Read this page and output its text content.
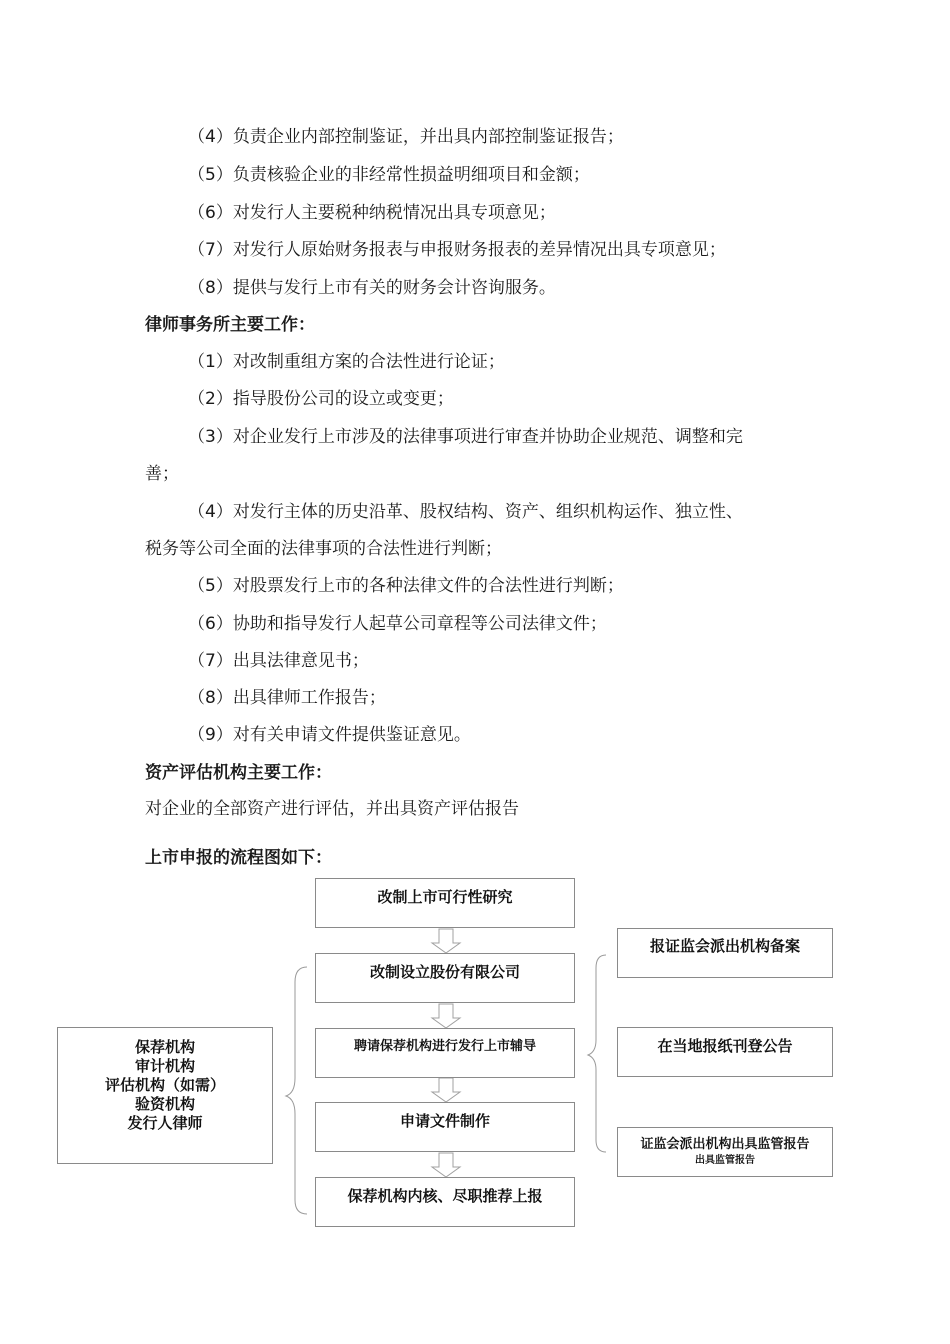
（4）负责企业内部控制鉴证，并出具内部控制鉴证报告；
（5）负责核验企业的非经常性损益明细项目和金额；
（6）对发行人主要税种纳税情况出具专项意见；
（7）对发行人原始财务报表与申报财务报表的差异情况出具专项意见；
（8）提供与发行上市有关的财务会计咨询服务。
律师事务所主要工作：
（1）对改制重组方案的合法性进行论证；
（2）指导股份公司的设立或变更；
（3）对企业发行上市涉及的法律事项进行审查并协助企业规范、调整和完
善；
（4）对发行主体的历史沿革、股权结构、资产、组织机构运作、独立性、
税务等公司全面的法律事项的合法性进行判断；
（5）对股票发行上市的各种法律文件的合法性进行判断；
（6）协助和指导发行人起草公司章程等公司法律文件；
（7）出具法律意见书；
（8）出具律师工作报告；
（9）对有关申请文件提供鉴证意见。
资产评估机构主要工作：
对企业的全部资产进行评估，并出具资产评估报告
上市申报的流程图如下：
改制上市可行性研究
改制设立股份有限公司
聘请保荐机构进行发行上市辅导
申请文件制作
保荐机构内核、尽职推荐上报
保荐机构
审计机构
评估机构（如需）
验资机构
发行人律师
报证监会派出机构备案
在当地报纸刊登公告
证监会派出机构出具监管报告
出具监管报告
